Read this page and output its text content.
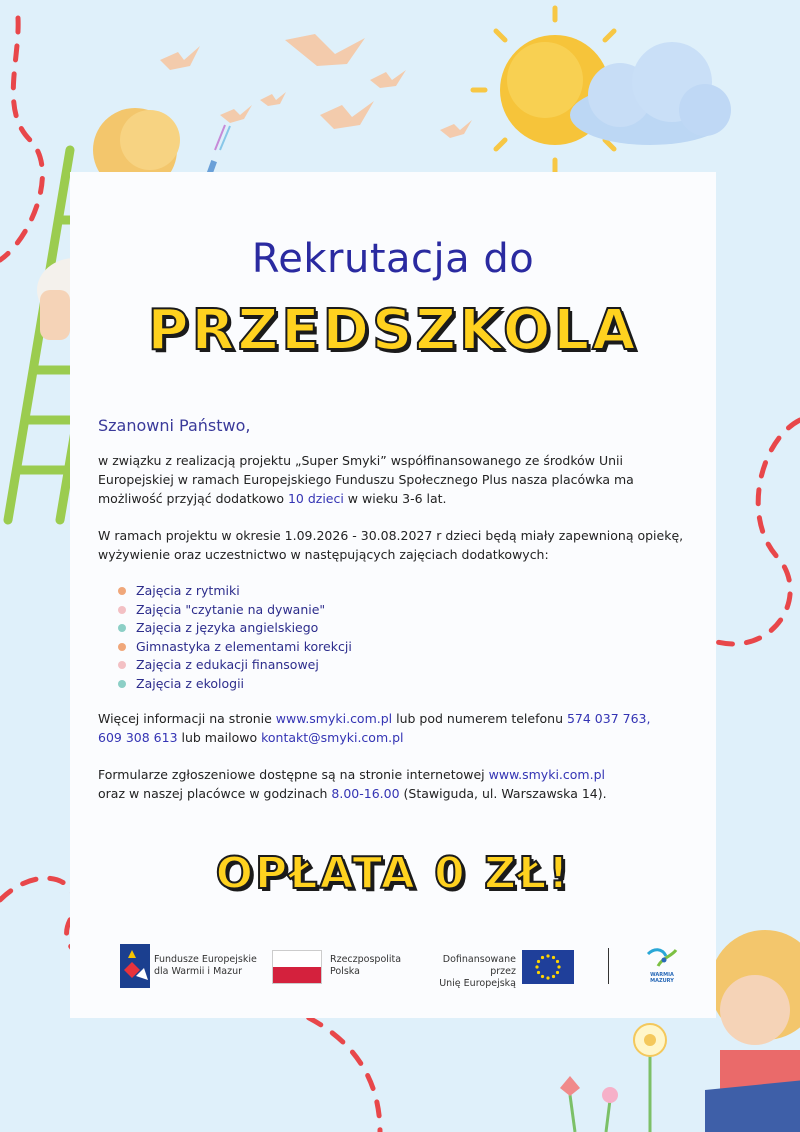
Rekrutacja do
PRZEDSZKOLA
Szanowni Państwo,

w związku z realizacją projektu „Super Smyki” współfinansowanego ze środków Unii Europejskiej w ramach Europejskiego Funduszu Społecznego Plus nasza placówka ma możliwość przyjąć dodatkowo 10 dzieci w wieku 3-6 lat.

W ramach projektu w okresie 1.09.2026 - 30.08.2027 r dzieci będą miały zapewnioną opiekę, wyżywienie oraz uczestnictwo w następujących zajęciach dodatkowych:

Zajęcia z rytmiki
Zajęcia "czytanie na dywanie"
Zajęcia z języka angielskiego
Gimnastyka z elementami korekcji
Zajęcia z edukacji finansowej
Zajęcia z ekologii

Więcej informacji na stronie www.smyki.com.pl lub pod numerem telefonu 574 037 763,
609 308 613 lub mailowo kontakt@smyki.com.pl

Formularze zgłoszeniowe dostępne są na stronie internetowej www.smyki.com.pl
oraz w naszej placówce w godzinach 8.00-16.00 (Stawiguda, ul. Warszawska 14).

OPŁATA 0 ZŁ!
Fundusze Europejskie
dla Warmii i Mazur
Rzeczpospolita
Polska
Dofinansowane przez
Unię Europejską
WARMIA
MAZURY
